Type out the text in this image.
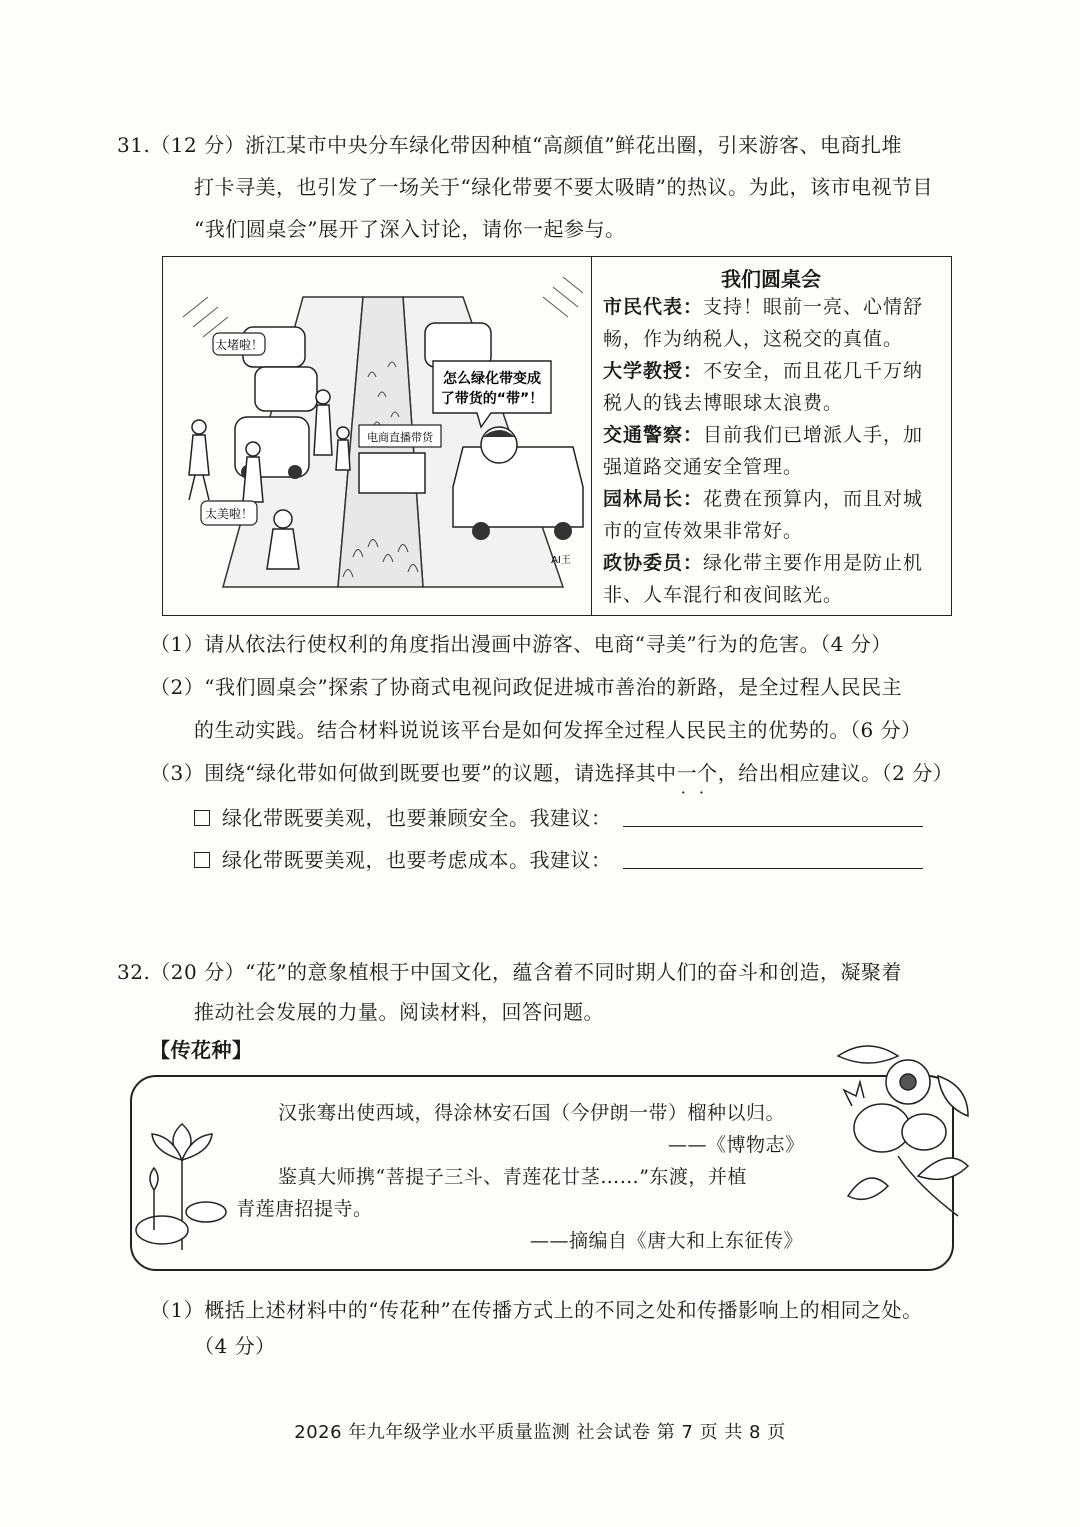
31.（12 分）浙江某市中央分车绿化带因种植“高颜值”鲜花出圈，引来游客、电商扎堆
打卡寻美，也引发了一场关于“绿化带要不要太吸睛”的热议。为此，该市电视节目
“我们圆桌会”展开了深入讨论，请你一起参与。
太堵啦！
太美啦！
怎么绿化带变成
了带货的“带”！
电商直播带货
AI王
我们圆桌会
市民代表：支持！眼前一亮、心情舒
畅，作为纳税人，这税交的真值。
大学教授：不安全，而且花几千万纳
税人的钱去博眼球太浪费。
交通警察：目前我们已增派人手，加
强道路交通安全管理。
园林局长：花费在预算内，而且对城
市的宣传效果非常好。
政协委员：绿化带主要作用是防止机
非、人车混行和夜间眩光。
（1）请从依法行使权利的角度指出漫画中游客、电商“寻美”行为的危害。（4 分）
（2）“我们圆桌会”探索了协商式电视问政促进城市善治的新路，是全过程人民民主
的生动实践。结合材料说说该平台是如何发挥全过程人民民主的优势的。（6 分）
（3）围绕“绿化带如何做到既要也要”的议题，请选择其中一个 · ·，给出相应建议。（2 分）
绿化带既要美观，也要兼顾安全。我建议：
绿化带既要美观，也要考虑成本。我建议：
32.（20 分）“花”的意象植根于中国文化，蕴含着不同时期人们的奋斗和创造，凝聚着
推动社会发展的力量。阅读材料，回答问题。
【传花种】
汉张骞出使西域，得涂林安石国（今伊朗一带）榴种以归。
——《博物志》
鉴真大师携“菩提子三斗、青莲花廿茎……”东渡，并植
青莲唐招提寺。
——摘编自《唐大和上东征传》
（1）概括上述材料中的“传花种”在传播方式上的不同之处和传播影响上的相同之处。
（4 分）
2026 年九年级学业水平质量监测 社会试卷 第 7 页 共 8 页
